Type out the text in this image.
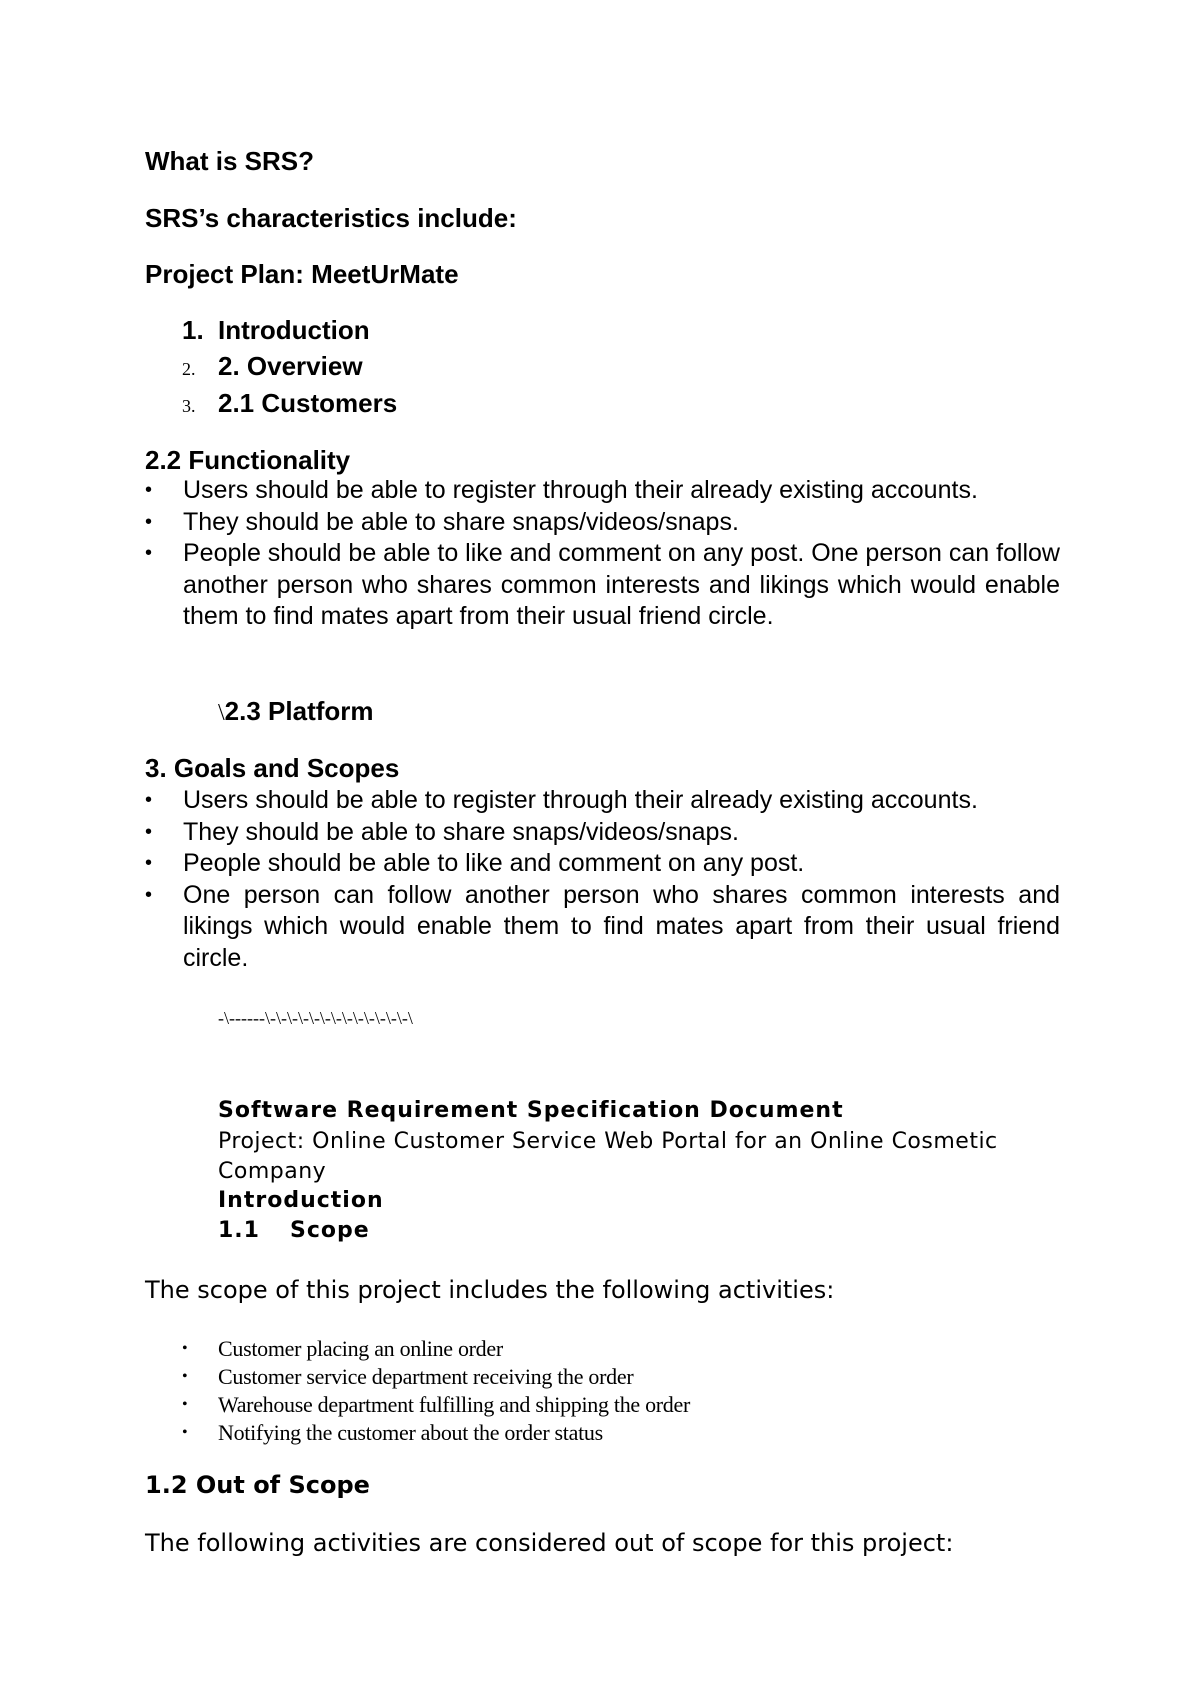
What is SRS?
SRS’s characteristics include:
Project Plan: MeetUrMate
1. Introduction
2. 2. Overview
3. 2.1 Customers
2.2 Functionality
•	Users should be able to register through their already existing accounts.
•	They should be able to share snaps/videos/snaps.
•	People should be able to like and comment on any post. One person can follow another person who shares common interests and likings which would enable them to find mates apart from their usual friend circle.
\2.3 Platform
3. Goals and Scopes
•	Users should be able to register through their already existing accounts.
•	They should be able to share snaps/videos/snaps.
•	People should be able to like and comment on any post.
•	One person can follow another person who shares common interests and likings which would enable them to find mates apart from their usual friend circle.
-\------\-\-\-\-\-\-\-\-\-\-\-\-\-\
Software Requirement Specification Document
Project: Online Customer Service Web Portal for an Online Cosmetic Company
Introduction
1.1 Scope
The scope of this project includes the following activities:
•	Customer placing an online order
•	Customer service department receiving the order
•	Warehouse department fulfilling and shipping the order
•	Notifying the customer about the order status
1.2 Out of Scope
The following activities are considered out of scope for this project:
